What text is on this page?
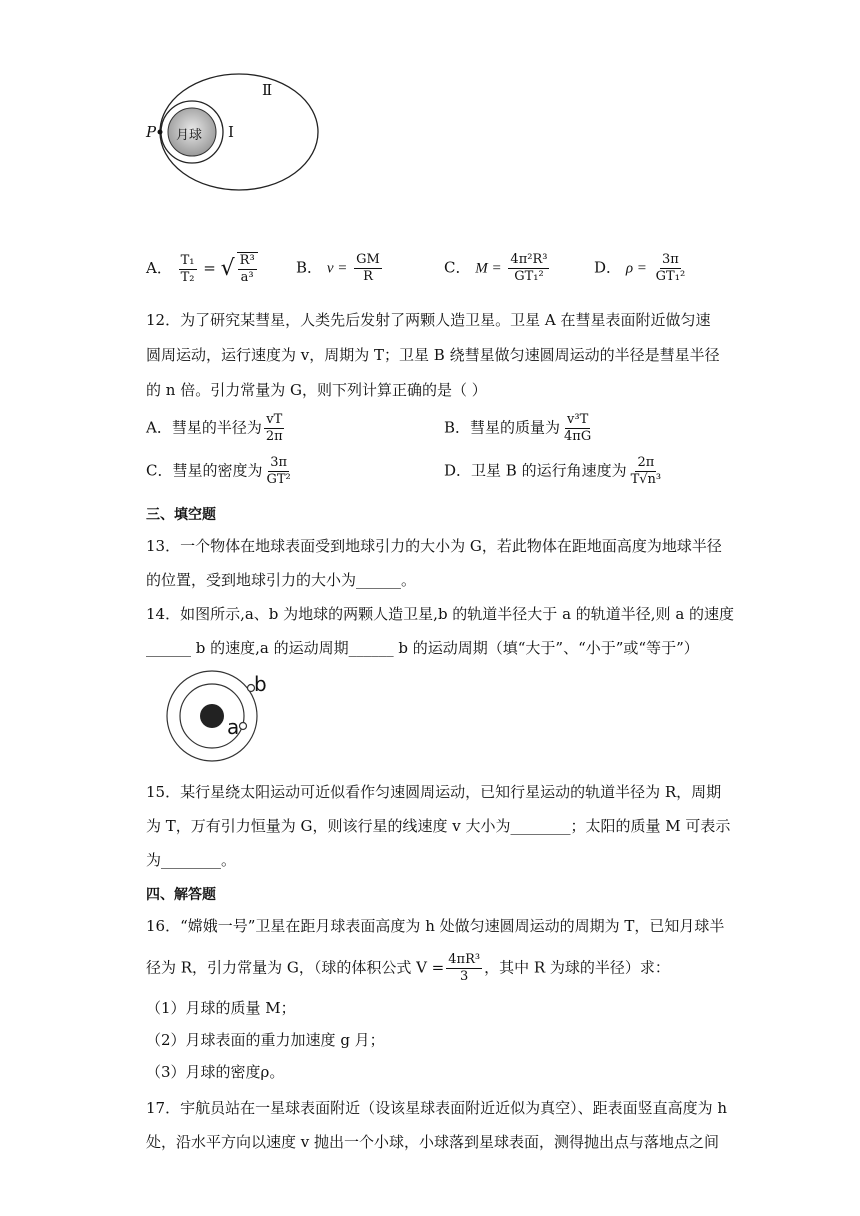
Ⅱ
Ⅰ
P 月球
A． $\frac{\text{T₁}}{\text{T₂}}$ = √ $\frac{\text{R³}}{\text{a³}}$	B． $v = \frac{GM}{R}$	C． $M = \frac{\text{4π²R³}}{\text{GT₁²}}$	D． $\rho = \frac{3\pi}{\text{GT₁²}}$
12．为了研究某彗星，人类先后发射了两颗人造卫星。卫星 A 在彗星表面附近做匀速
圆周运动，运行速度为 v，周期为 T；卫星 B 绕彗星做匀速圆周运动的半径是彗星半径
的 n 倍。引力常量为 G，则下列计算正确的是（ ）
A．彗星的半径为 $\frac{vT}{2\pi}$	B．彗星的质量为 $\frac{\text{v³T}}{4\pi G}$
C．彗星的密度为 $\frac{3\pi}{\text{GT²}}$	D．卫星 B 的运行角速度为 $\frac{2\pi}{\text{T√n³}}$
三、填空题
13．一个物体在地球表面受到地球引力的大小为 G，若此物体在距地面高度为地球半径
的位置，受到地球引力的大小为______。
14．如图所示,a、b 为地球的两颗人造卫星,b 的轨道半径大于 a 的轨道半径,则 a 的速度
______ b 的速度,a 的运动周期______ b 的运动周期（填“大于”、“小于”或“等于”）
b
a
15．某行星绕太阳运动可近似看作匀速圆周运动，已知行星运动的轨道半径为 R，周期
为 T，万有引力恒量为 G，则该行星的线速度 v 大小为________；太阳的质量 M 可表示
为________。
四、解答题
16．“嫦娥一号”卫星在距月球表面高度为 h 处做匀速圆周运动的周期为 T，已知月球半
径为 R，引力常量为 G，（球的体积公式 $V = \frac{\text{4πR³}}{3}$ ，其中 R 为球的半径）求：
（1）月球的质量 M；
（2）月球表面的重力加速度 g 月；
（3）月球的密度ρ。
17．宇航员站在一星球表面附近（设该星球表面附近近似为真空）、距表面竖直高度为 h
处，沿水平方向以速度 v 抛出一个小球，小球落到星球表面，测得抛出点与落地点之间
